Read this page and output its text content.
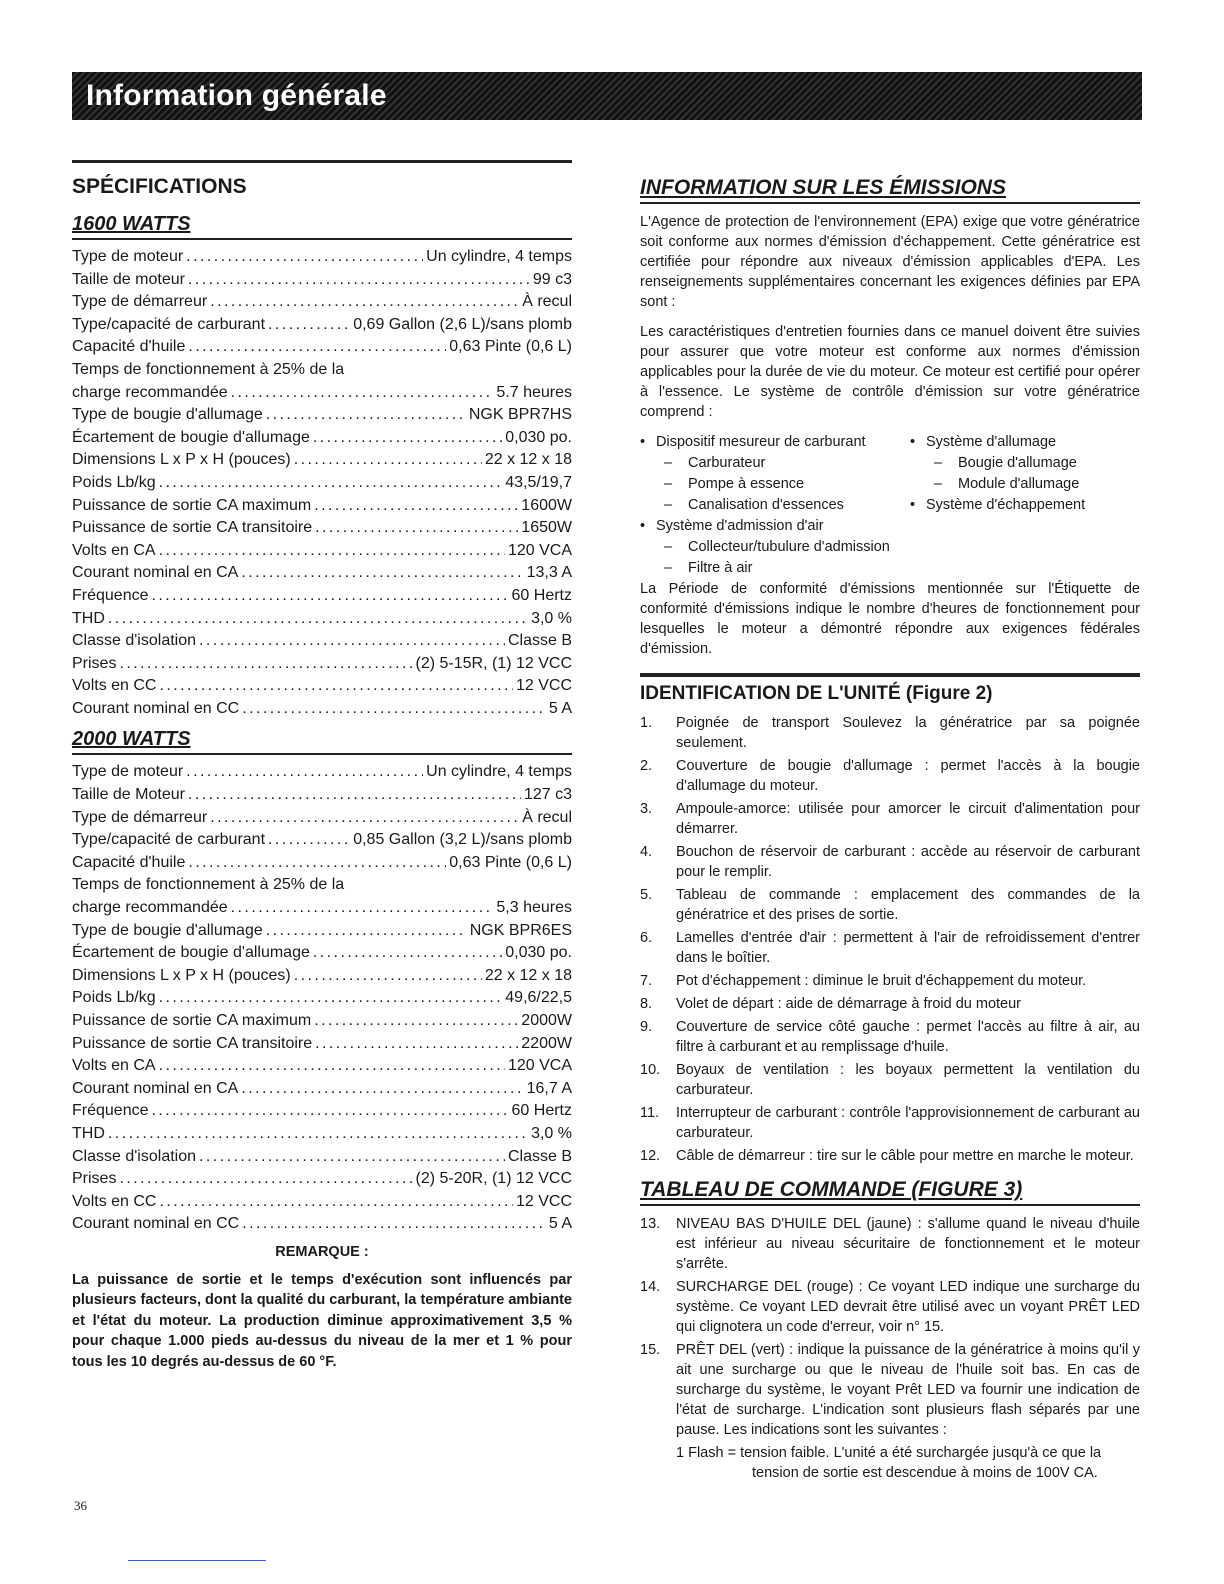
Information générale
SPÉCIFICATIONS
1600 WATTS
Type de moteur . . .	Un cylindre, 4 temps
Taille de moteur . . .	99 c3
Type de démarreur . . .	À recul
Type/capacité de carburant . . .	0,69 Gallon (2,6 L)/sans plomb
Capacité d'huile . . .	0,63 Pinte (0,6 L)
Temps de fonctionnement à 25% de la
charge recommandée . . .	5.7 heures
Type de bougie d'allumage . . .	NGK BPR7HS
Écartement de bougie d'allumage . . .	0,030 po.
Dimensions L x P x H (pouces) . . .	22 x 12 x 18
Poids Lb/kg . . .	43,5/19,7
Puissance de sortie CA maximum . . .	1600W
Puissance de sortie CA transitoire . . .	1650W
Volts en CA . . .	120 VCA
Courant nominal en CA . . .	13,3 A
Fréquence . . .	60 Hertz
THD . . .	3,0 %
Classe d'isolation . . .	Classe B
Prises . . .	(2) 5-15R, (1) 12 VCC
Volts en CC . . .	12 VCC
Courant nominal en CC . . .	5 A
2000 WATTS
Type de moteur . . .	Un cylindre, 4 temps
Taille de Moteur . . .	127 c3
Type de démarreur . . .	À recul
Type/capacité de carburant . . .	0,85 Gallon (3,2 L)/sans plomb
Capacité d'huile . . .	0,63 Pinte (0,6 L)
Temps de fonctionnement à 25% de la
charge recommandée . . .	5,3 heures
Type de bougie d'allumage . . .	NGK BPR6ES
Écartement de bougie d'allumage . . .	0,030 po.
Dimensions L x P x H (pouces) . . .	22 x 12 x 18
Poids Lb/kg . . .	49,6/22,5
Puissance de sortie CA maximum . . .	2000W
Puissance de sortie CA transitoire . . .	2200W
Volts en CA . . .	120 VCA
Courant nominal en CA . . .	16,7 A
Fréquence . . .	60 Hertz
THD . . .	3,0 %
Classe d'isolation . . .	Classe B
Prises . . .	(2) 5-20R, (1) 12 VCC
Volts en CC . . .	12 VCC
Courant nominal en CC . . .	5 A
REMARQUE :
La puissance de sortie et le temps d'exécution sont influencés par plusieurs facteurs, dont la qualité du carburant, la température ambiante et l'état du moteur. La production diminue approximativement 3,5 % pour chaque 1.000 pieds au-dessus du niveau de la mer et 1 % pour tous les 10 degrés au-dessus de 60 °F.
INFORMATION SUR LES ÉMISSIONS

L'Agence de protection de l'environnement (EPA) exige que votre génératrice soit conforme aux normes d'émission d'échappement. Cette génératrice est certifiée pour répondre aux niveaux d'émission applicables d'EPA. Les renseignements supplémentaires concernant les exigences définies par EPA sont :

Les caractéristiques d'entretien fournies dans ce manuel doivent être suivies pour assurer que votre moteur est conforme aux normes d'émission applicables pour la durée de vie du moteur. Ce moteur est certifié pour opérer à l'essence. Le système de contrôle d'émission sur votre génératrice comprend :

• Dispositif mesureur de carburant
– Carburateur
– Pompe à essence
– Canalisation d'essences
• Système d'admission d'air
– Collecteur/tubulure d'admission
– Filtre à air
• Système d'allumage
– Bougie d'allumage
– Module d'allumage
• Système d'échappement

La Période de conformité d'émissions mentionnée sur l'Étiquette de conformité d'émissions indique le nombre d'heures de fonctionnement pour lesquelles le moteur a démontré répondre aux exigences fédérales d'émission.

IDENTIFICATION DE L'UNITÉ (Figure 2)
1.	Poignée de transport Soulevez la génératrice par sa poignée seulement.
2.	Couverture de bougie d'allumage : permet l'accès à la bougie d'allumage du moteur.
3.	Ampoule-amorce: utilisée pour amorcer le circuit d'alimentation pour démarrer.
4.	Bouchon de réservoir de carburant : accède au réservoir de carburant pour le remplir.
5.	Tableau de commande : emplacement des commandes de la génératrice et des prises de sortie.
6.	Lamelles d'entrée d'air : permettent à l'air de refroidissement d'entrer dans le boîtier.
7.	Pot d'échappement : diminue le bruit d'échappement du moteur.
8.	Volet de départ : aide de démarrage à froid du moteur
9.	Couverture de service côté gauche : permet l'accès au filtre à air, au filtre à carburant et au remplissage d'huile.
10.	Boyaux de ventilation : les boyaux permettent la ventilation du carburateur.
11.	Interrupteur de carburant : contrôle l'approvisionnement de carburant au carburateur.
12.	Câble de démarreur : tire sur le câble pour mettre en marche le moteur.
TABLEAU DE COMMANDE (FIGURE 3)
13.	NIVEAU BAS D'HUILE DEL (jaune) : s'allume quand le niveau d'huile est inférieur au niveau sécuritaire de fonctionnement et le moteur s'arrête.
14.	SURCHARGE DEL (rouge) : Ce voyant LED indique une surcharge du système. Ce voyant LED devrait être utilisé avec un voyant PRÊT LED qui clignotera un code d'erreur, voir n° 15.
15.	PRÊT DEL (vert) : indique la puissance de la génératrice à moins qu'il y ait une surcharge ou que le niveau de l'huile soit bas. En cas de surcharge du système, le voyant Prêt LED va fournir une indication de l'état de surcharge. L'indication sont plusieurs flash séparés par une pause. Les indications sont les suivantes :
1 Flash = tension faible. L'unité a été surchargée jusqu'à ce que la
tension de sortie est descendue à moins de 100V CA.
36
